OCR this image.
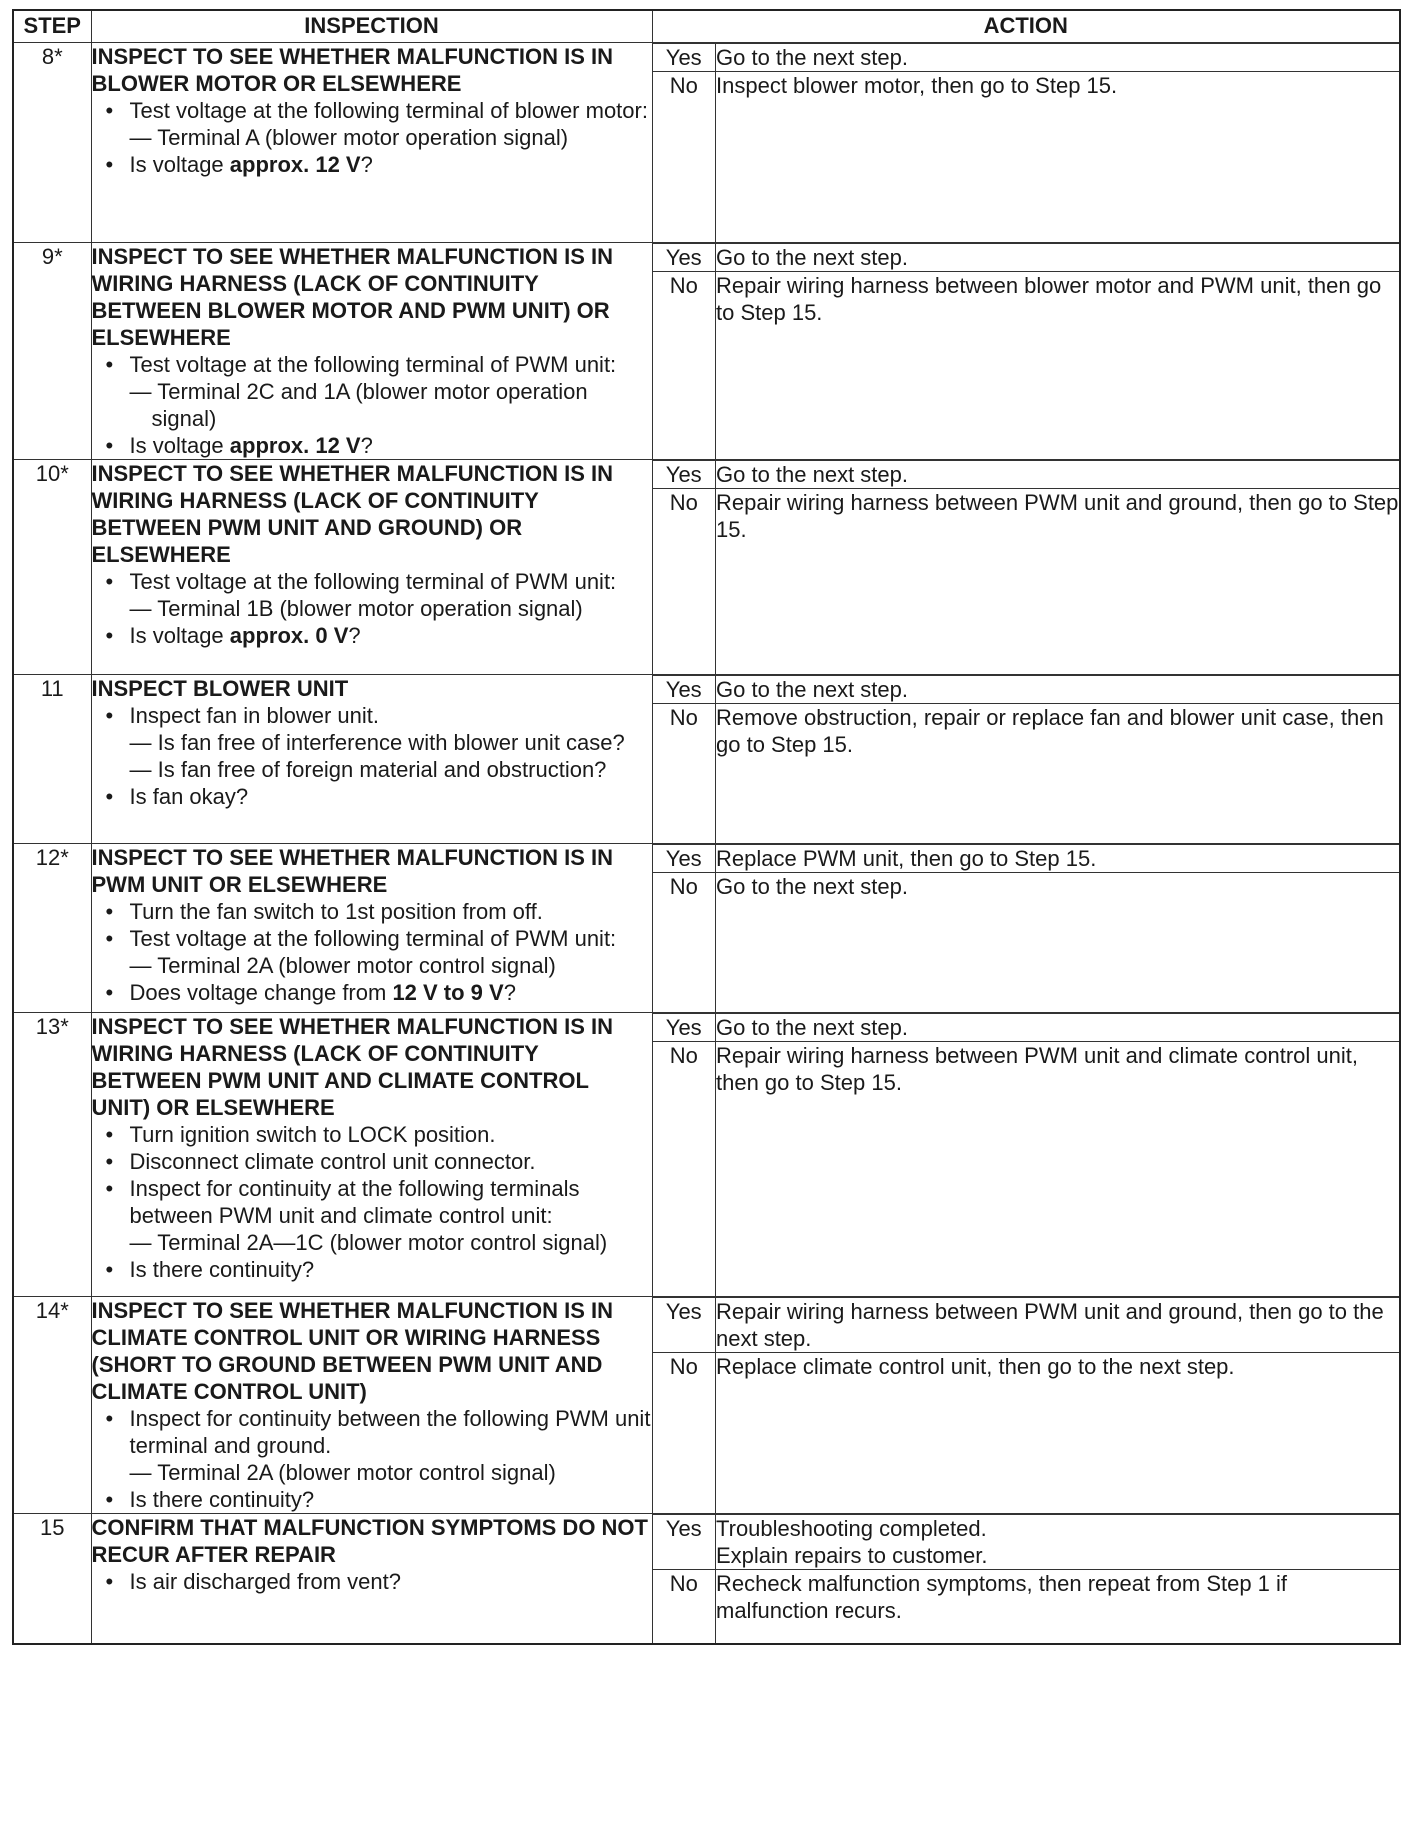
STEP	INSPECTION	ACTION
8*	INSPECT TO SEE WHETHER MALFUNCTION IS IN BLOWER MOTOR OR ELSEWHERE
• Test voltage at the following terminal of blower motor:
— Terminal A (blower motor operation signal)
• Is voltage approx. 12 V?

Yes	Go to the next step.

No	Inspect blower motor, then go to Step 15.

9*	INSPECT TO SEE WHETHER MALFUNCTION IS IN WIRING HARNESS (LACK OF CONTINUITY BETWEEN BLOWER MOTOR AND PWM UNIT) OR ELSEWHERE
• Test voltage at the following terminal of PWM unit:
— Terminal 2C and 1A (blower motor operation signal)
• Is voltage approx. 12 V?

Yes	Go to the next step.

No	Repair wiring harness between blower motor and PWM unit, then go to Step 15.

10*	INSPECT TO SEE WHETHER MALFUNCTION IS IN WIRING HARNESS (LACK OF CONTINUITY BETWEEN PWM UNIT AND GROUND) OR ELSEWHERE
• Test voltage at the following terminal of PWM unit:
— Terminal 1B (blower motor operation signal)
• Is voltage approx. 0 V?

Yes	Go to the next step.

No	Repair wiring harness between PWM unit and ground, then go to Step 15.

11	INSPECT BLOWER UNIT
• Inspect fan in blower unit.
— Is fan free of interference with blower unit case?
— Is fan free of foreign material and obstruction?
• Is fan okay?

Yes	Go to the next step.

No	Remove obstruction, repair or replace fan and blower unit case, then go to Step 15.

12*	INSPECT TO SEE WHETHER MALFUNCTION IS IN PWM UNIT OR ELSEWHERE
• Turn the fan switch to 1st position from off.
• Test voltage at the following terminal of PWM unit:
— Terminal 2A (blower motor control signal)
• Does voltage change from 12 V to 9 V?

Yes	Replace PWM unit, then go to Step 15.

No	Go to the next step.

13*	INSPECT TO SEE WHETHER MALFUNCTION IS IN WIRING HARNESS (LACK OF CONTINUITY BETWEEN PWM UNIT AND CLIMATE CONTROL UNIT) OR ELSEWHERE
• Turn ignition switch to LOCK position.
• Disconnect climate control unit connector.
• Inspect for continuity at the following terminals between PWM unit and climate control unit:
— Terminal 2A—1C (blower motor control signal)
• Is there continuity?

Yes	Go to the next step.

No	Repair wiring harness between PWM unit and climate control unit, then go to Step 15.

14*	INSPECT TO SEE WHETHER MALFUNCTION IS IN CLIMATE CONTROL UNIT OR WIRING HARNESS (SHORT TO GROUND BETWEEN PWM UNIT AND CLIMATE CONTROL UNIT)
• Inspect for continuity between the following PWM unit terminal and ground.
— Terminal 2A (blower motor control signal)
• Is there continuity?

Yes	Repair wiring harness between PWM unit and ground, then go to the next step.

No	Replace climate control unit, then go to the next step.

15	CONFIRM THAT MALFUNCTION SYMPTOMS DO NOT RECUR AFTER REPAIR
• Is air discharged from vent?

Yes	Troubleshooting completed.
Explain repairs to customer.

No	Recheck malfunction symptoms, then repeat from Step 1 if malfunction recurs.
